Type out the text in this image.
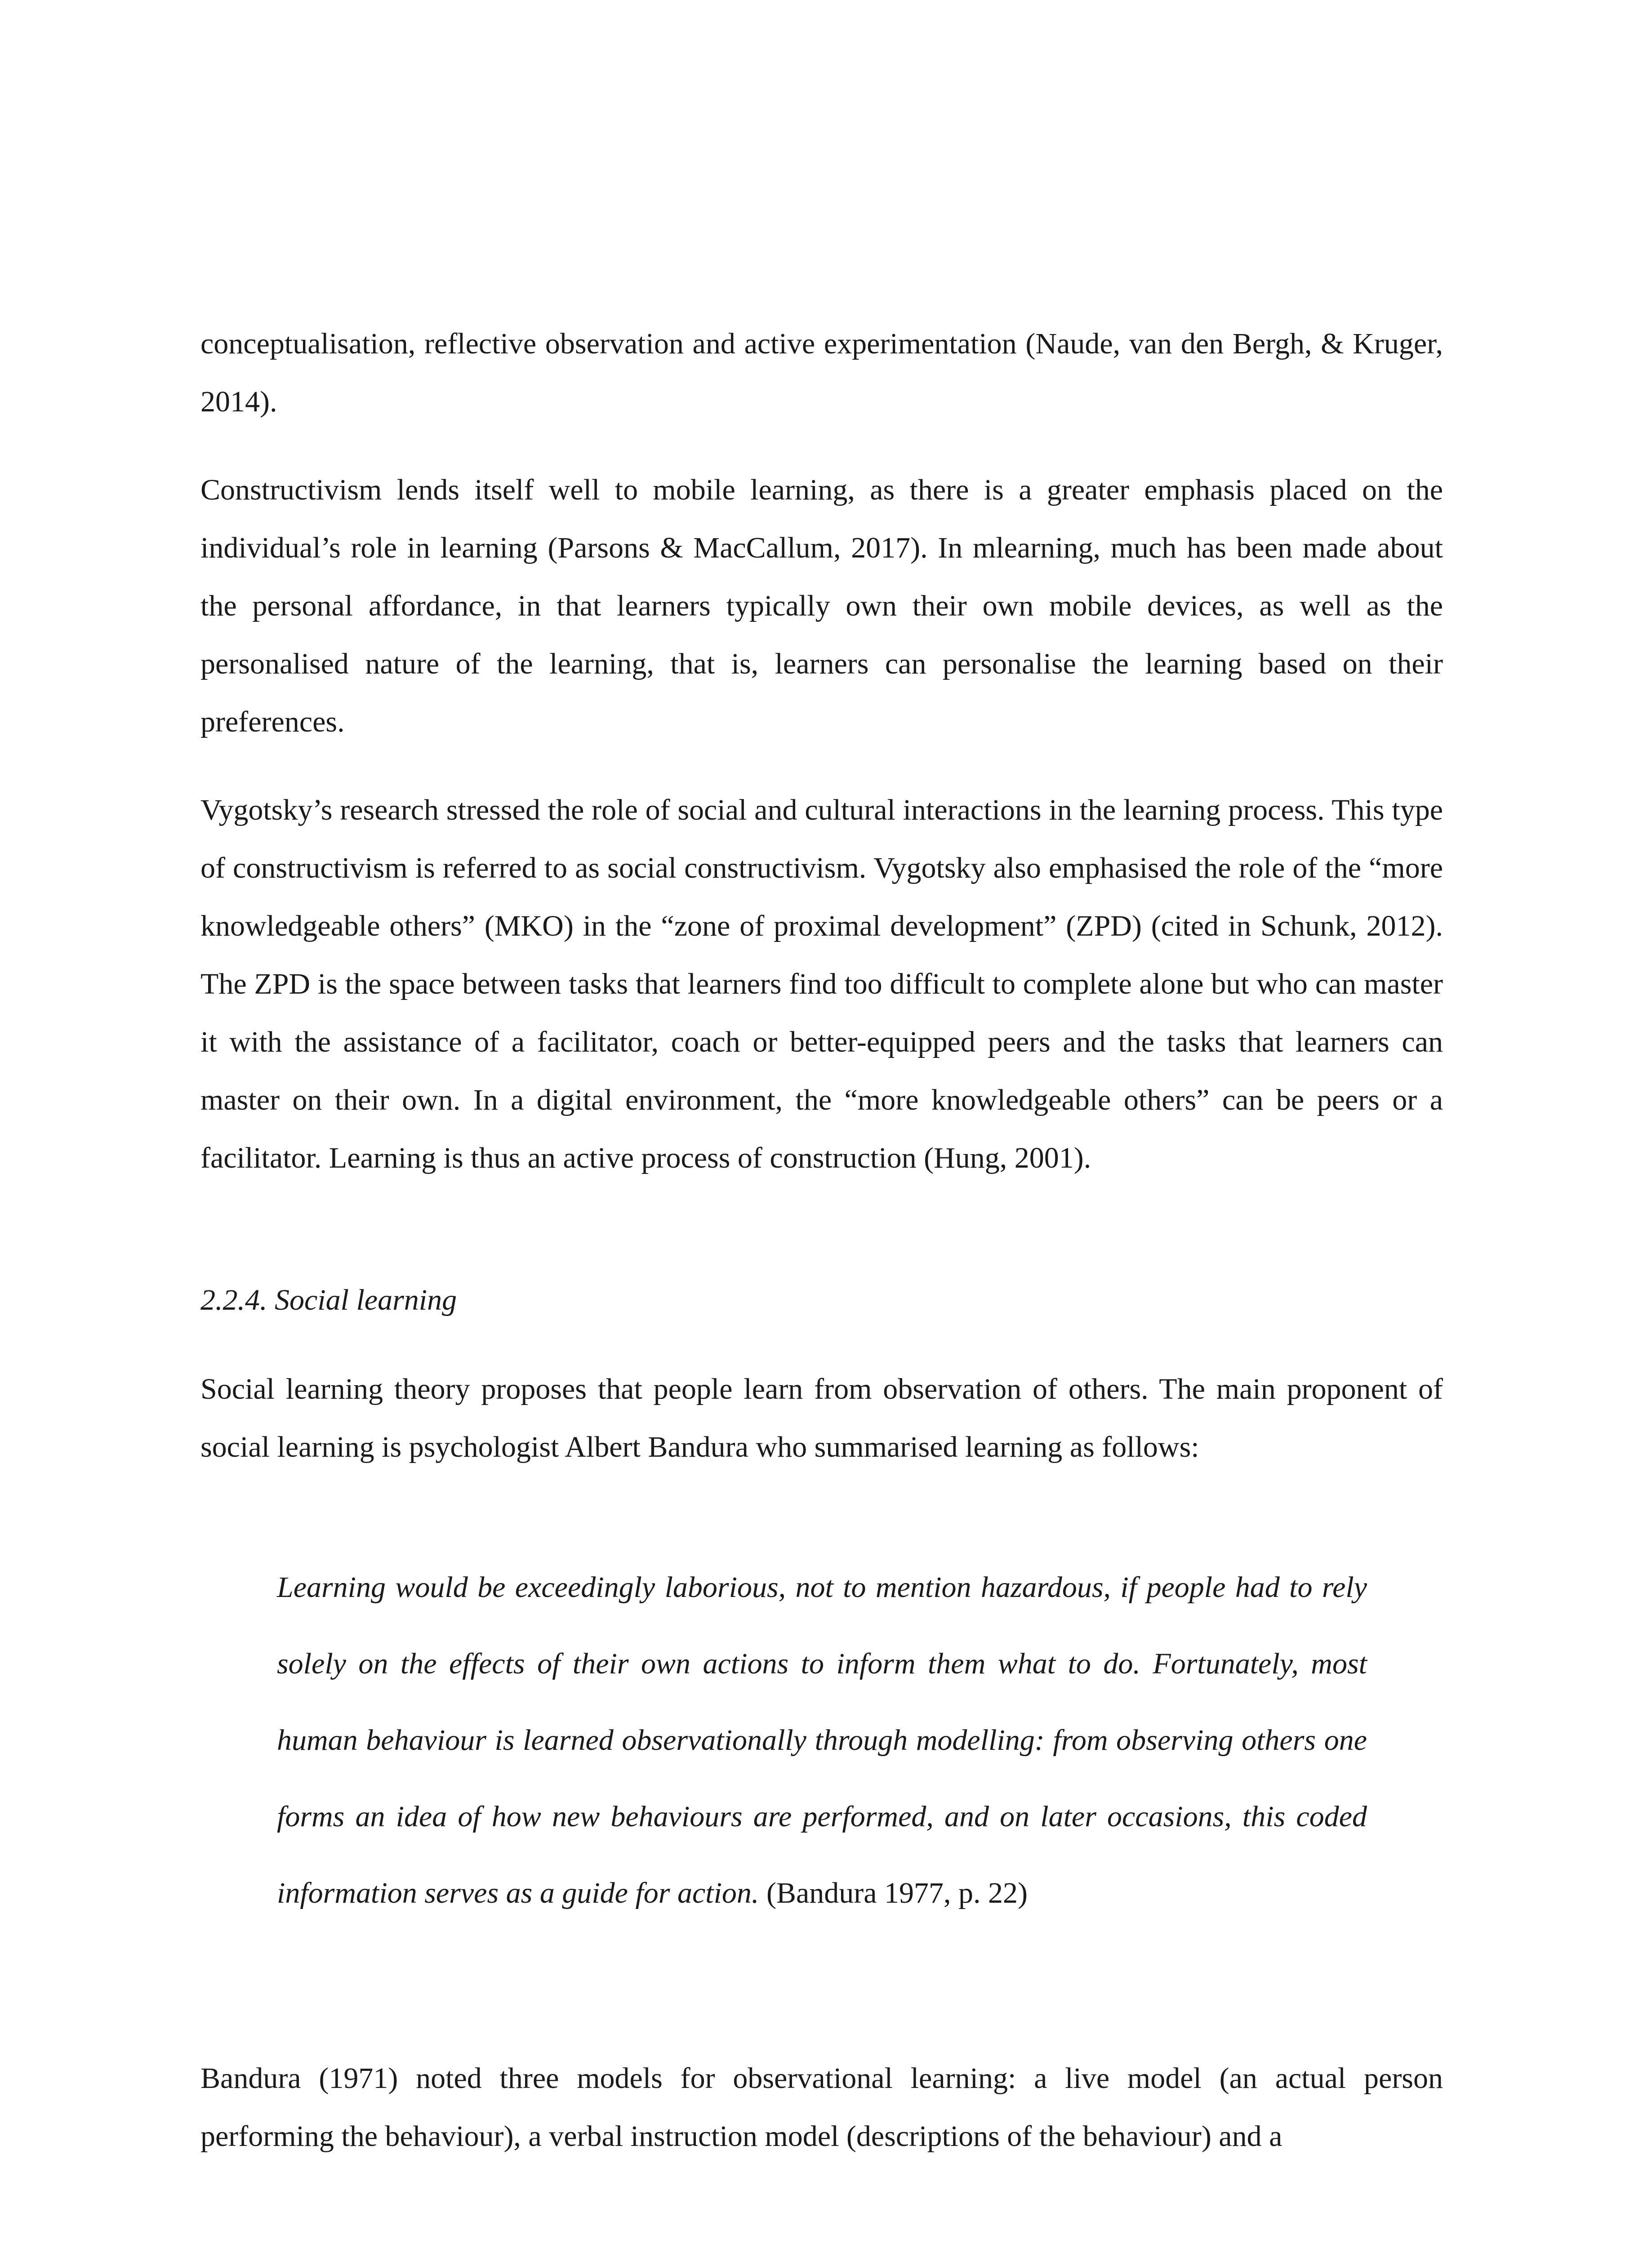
conceptualisation, reflective observation and active experimentation (Naude, van den Bergh, & Kruger, 2014).

Constructivism lends itself well to mobile learning, as there is a greater emphasis placed on the individual’s role in learning (Parsons & MacCallum, 2017). In mlearning, much has been made about the personal affordance, in that learners typically own their own mobile devices, as well as the personalised nature of the learning, that is, learners can personalise the learning based on their preferences.

Vygotsky’s research stressed the role of social and cultural interactions in the learning process. This type of constructivism is referred to as social constructivism. Vygotsky also emphasised the role of the “more knowledgeable others” (MKO) in the “zone of proximal development” (ZPD) (cited in Schunk, 2012). The ZPD is the space between tasks that learners find too difficult to complete alone but who can master it with the assistance of a facilitator, coach or better-equipped peers and the tasks that learners can master on their own. In a digital environment, the “more knowledgeable others” can be peers or a facilitator. Learning is thus an active process of construction (Hung, 2001).

2.2.4. Social learning

Social learning theory proposes that people learn from observation of others. The main proponent of social learning is psychologist Albert Bandura who summarised learning as follows:

Learning would be exceedingly laborious, not to mention hazardous, if people had to rely solely on the effects of their own actions to inform them what to do. Fortunately, most human behaviour is learned observationally through modelling: from observing others one forms an idea of how new behaviours are performed, and on later occasions, this coded information serves as a guide for action. (Bandura 1977, p. 22)

Bandura (1971) noted three models for observational learning: a live model (an actual person performing the behaviour), a verbal instruction model (descriptions of the behaviour) and a
